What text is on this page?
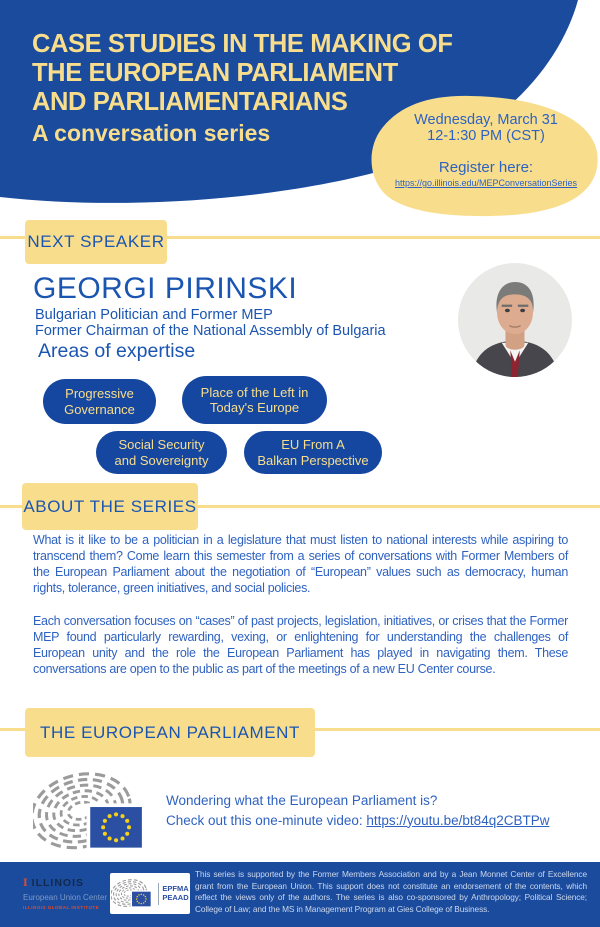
CASE STUDIES IN THE MAKING OF
THE EUROPEAN PARLIAMENT
AND PARLIAMENTARIANS
A conversation series	Wednesday, March 31
12-1:30 PM (CST)
Register here:
https://go.illinois.edu/MEPConversationSeries
NEXT SPEAKER
GEORGI PIRINSKI
Bulgarian Politician and Former MEP
Former Chairman of the National Assembly of Bulgaria
Areas of expertise
Progressive
Governance
Place of the Left in
Today's Europe
Social Security
and Sovereignty
EU From A
Balkan Perspective
ABOUT THE SERIES

What is it like to be a politician in a legislature that must listen to national interests while aspiring to transcend them? Come learn this semester from a series of conversations with Former Members of the European Parliament about the negotiation of “European” values such as democracy, human rights, tolerance, green initiatives, and social policies.

Each conversation focuses on “cases” of past projects, legislation, initiatives, or crises that the Former MEP found particularly rewarding, vexing, or enlightening for understanding the challenges of European unity and the role the European Parliament has played in navigating them. These conversations are open to the public as part of the meetings of a new EU Center course.

THE EUROPEAN PARLIAMENT
Wondering what the European Parliament is?
Check out this one-minute video: https://youtu.be/bt84q2CBTPw
I ILLINOIS
European Union Center
ILLINOIS GLOBAL INSTITUTE
EPFMA
PEAAD

This series is supported by the Former Members Association and by a Jean Monnet Center of Excellence grant from the European Union. This support does not constitute an endorsement of the contents, which reflect the views only of the authors. The series is also co-sponsored by Anthropology; Political Science; College of Law; and the MS in Management Program at Gies College of Business.
